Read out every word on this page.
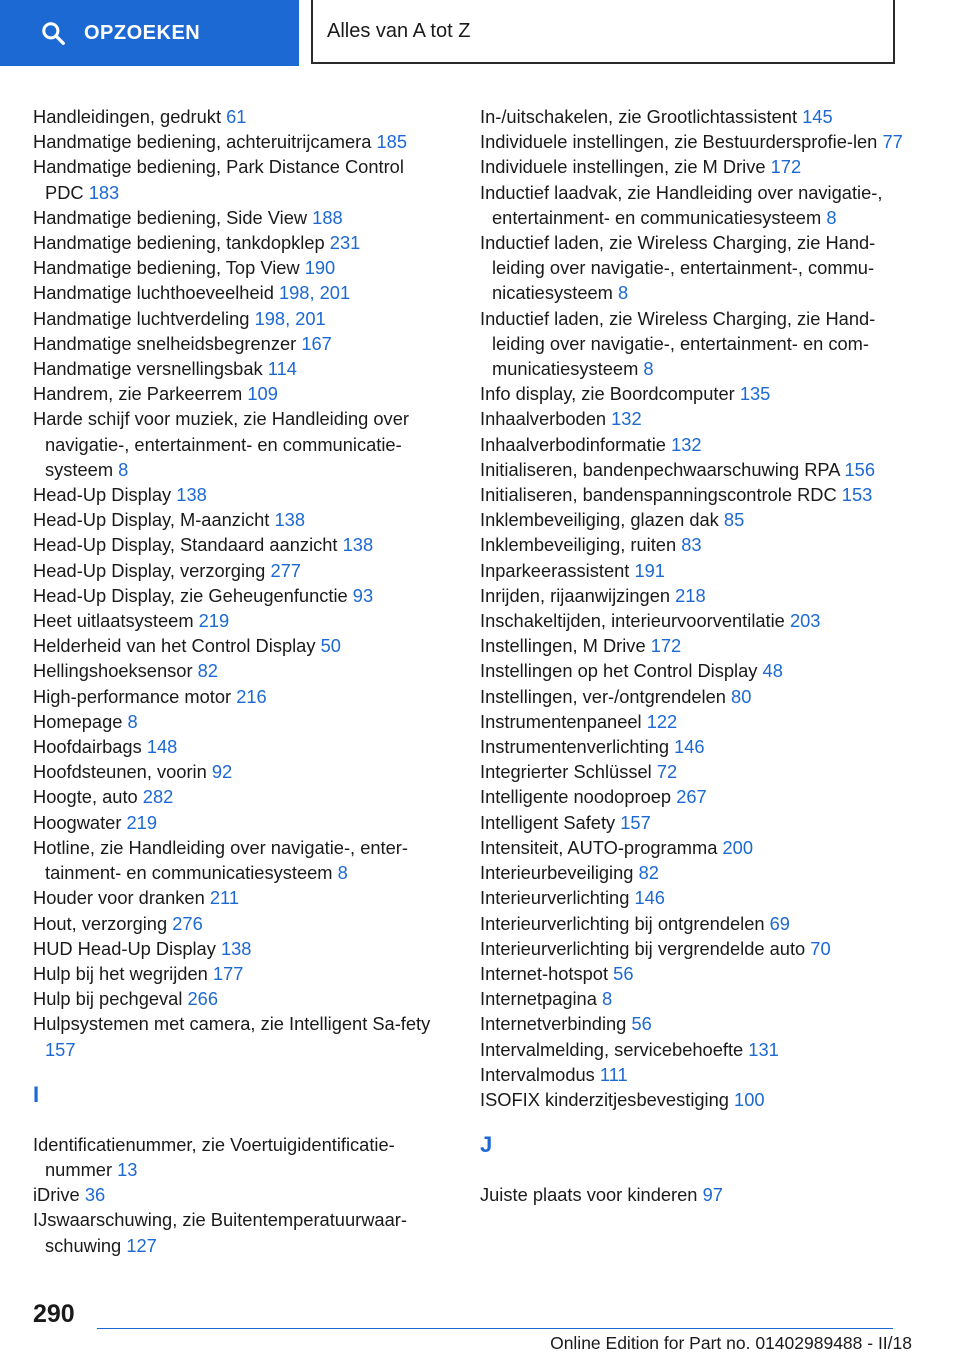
OPZOEKEN	Alles van A tot Z

Handleidingen, gedrukt 61

Handmatige bediening, achteruitrijcamera 185

Handmatige bediening, Park Distance Control PDC 183

Handmatige bediening, Side View 188

Handmatige bediening, tankdopklep 231

Handmatige bediening, Top View 190

Handmatige luchthoeveelheid 198, 201

Handmatige luchtverdeling 198, 201

Handmatige snelheidsbegrenzer 167

Handmatige versnellingsbak 114

Handrem, zie Parkeerrem 109

Harde schijf voor muziek, zie Handleiding over navigatie-, entertainment- en communicatie-systeem 8

Head-Up Display 138

Head-Up Display, M-aanzicht 138

Head-Up Display, Standaard aanzicht 138

Head-Up Display, verzorging 277

Head-Up Display, zie Geheugenfunctie 93

Heet uitlaatsysteem 219

Helderheid van het Control Display 50

Hellingshoeksensor 82

High-performance motor 216

Homepage 8

Hoofdairbags 148

Hoofdsteunen, voorin 92

Hoogte, auto 282

Hoogwater 219

Hotline, zie Handleiding over navigatie-, enter-tainment- en communicatiesysteem 8

Houder voor dranken 211

Hout, verzorging 276

HUD Head-Up Display 138

Hulp bij het wegrijden 177

Hulp bij pechgeval 266

Hulpsystemen met camera, zie Intelligent Sa-fety 157

I

Identificatienummer, zie Voertuigidentificatie-nummer 13

iDrive 36

IJswaarschuwing, zie Buitentemperatuurwaar-schuwing 127

In-/uitschakelen, zie Grootlichtassistent 145

Individuele instellingen, zie Bestuurdersprofie-len 77

Individuele instellingen, zie M Drive 172

Inductief laadvak, zie Handleiding over navigatie-, entertainment- en communicatiesysteem 8

Inductief laden, zie Wireless Charging, zie Hand-leiding over navigatie-, entertainment-, commu-nicatiesysteem 8

Inductief laden, zie Wireless Charging, zie Hand-leiding over navigatie-, entertainment- en com-municatiesysteem 8

Info display, zie Boordcomputer 135

Inhaalverboden 132

Inhaalverbodinformatie 132

Initialiseren, bandenpechwaarschuwing RPA 156

Initialiseren, bandenspanningscontrole RDC 153

Inklembeveiliging, glazen dak 85

Inklembeveiliging, ruiten 83

Inparkeerassistent 191

Inrijden, rijaanwijzingen 218

Inschakeltijden, interieurvoorventilatie 203

Instellingen, M Drive 172

Instellingen op het Control Display 48

Instellingen, ver-/ontgrendelen 80

Instrumentenpaneel 122

Instrumentenverlichting 146

Integrierter Schlüssel 72

Intelligente noodoproep 267

Intelligent Safety 157

Intensiteit, AUTO-programma 200

Interieurbeveiliging 82

Interieurverlichting 146

Interieurverlichting bij ontgrendelen 69

Interieurverlichting bij vergrendelde auto 70

Internet-hotspot 56

Internetpagina 8

Internetverbinding 56

Intervalmelding, servicebehoefte 131

Intervalmodus 111

ISOFIX kinderzitjesbevestiging 100

J

Juiste plaats voor kinderen 97

290
Online Edition for Part no. 01402989488 - II/18
